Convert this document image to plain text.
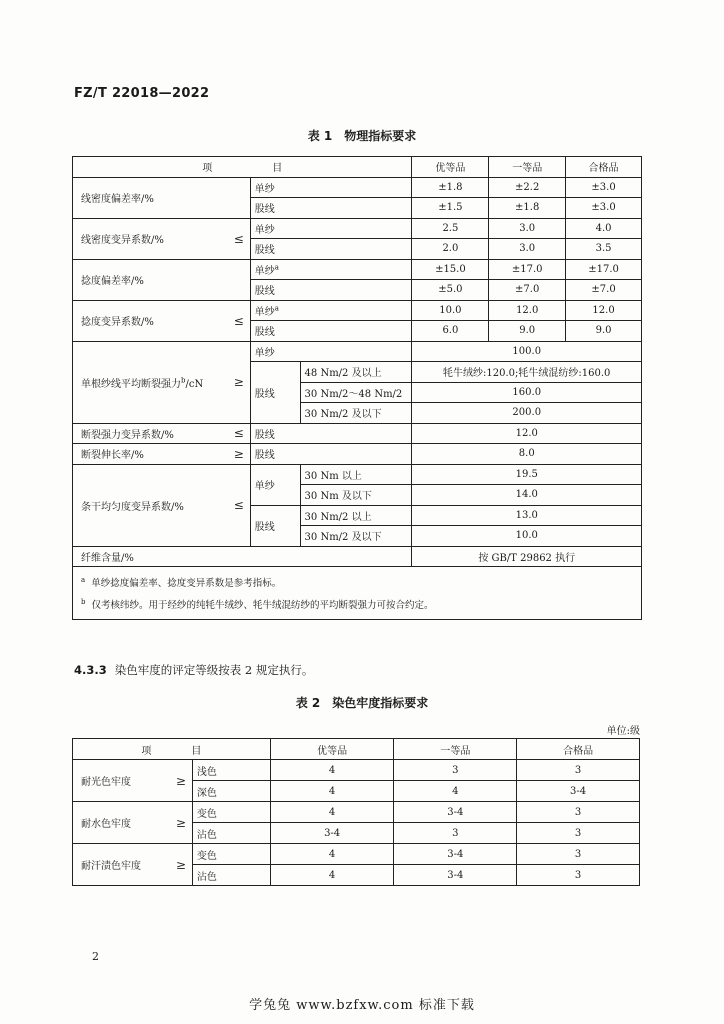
FZ/T 22018—2022
表 1　物理指标要求
项　　　　　　 目				优等品	一等品	合格品
线密度偏差率/%		单纱		±1.8	±2.2	±3.0
		股线		±1.5	±1.8	±3.0
线密度变异系数/%	≤	单纱		2.5	3.0	4.0
		股线		2.0	3.0	3.5
捻度偏差率/%		单纱$^a$		±15.0	±17.0	±17.0
		股线		±5.0	±7.0	±7.0
捻度变异系数/%	≤	单纱$^a$		10.0	12.0	12.0
		股线		6.0	9.0	9.0
单根纱线平均断裂强力$^b$/cN	≥	单纱		100.0		
		股线	48 Nm/2 及以上	牦牛绒纱:120.0;牦牛绒混纺纱:160.0		
			30 Nm/2～48 Nm/2	160.0		
			30 Nm/2 及以下	200.0		
断裂强力变异系数/%	≤	股线		12.0		
断裂伸长率/%	≥	股线		8.0		
条干均匀度变异系数/%	≤	单纱	30 Nm 以上	19.5		
			30 Nm 及以下	14.0		
		股线	30 Nm/2 以上	13.0		
			30 Nm/2 及以下	10.0		
纤维含量/%				按 GB/T 29862 执行		

$^a$ 单纱捻度偏差率、捻度变异系数是参考指标。
$^b$ 仅考核纬纱。用于经纱的纯牦牛绒纱、牦牛绒混纺纱的平均断裂强力可按合约定。						
4.3.3 染色牢度的评定等级按表 2 规定执行。
表 2　染色牢度指标要求
单位:级
项　　　　 目			优等品	一等品	合格品
耐光色牢度	≥	浅色	4	3	3
		深色	4	4	3-4
耐水色牢度	≥	变色	4	3-4	3
		沾色	3-4	3	3
耐汗渍色牢度	≥	变色	4	3-4	3
		沾色	4	3-4	3
2
学兔兔 www.bzfxw.com 标准下载
